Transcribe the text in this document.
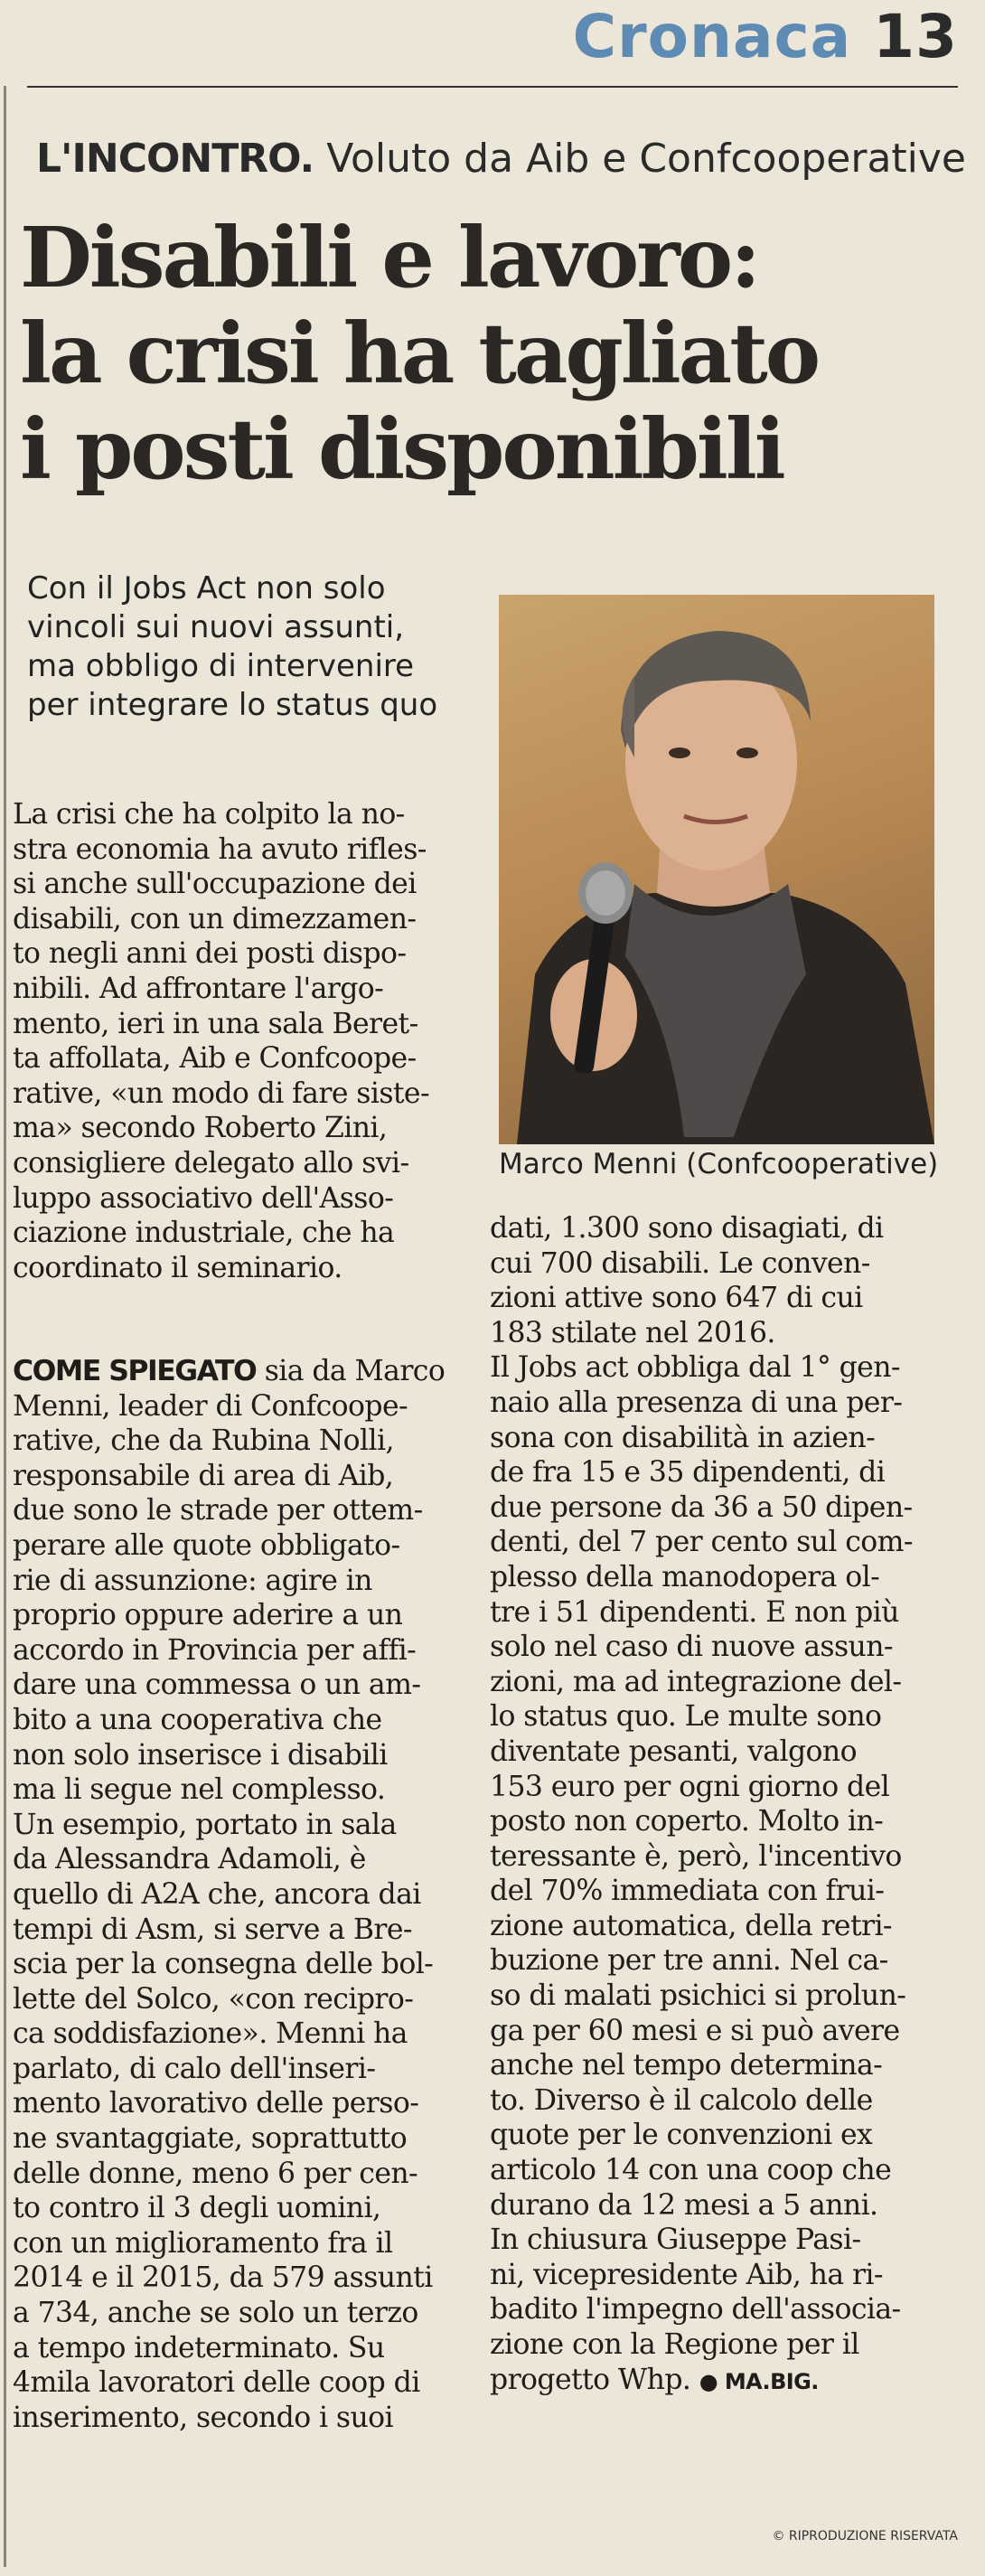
Cronaca 13
L'INCONTRO. Voluto da Aib e Confcooperative
Disabili e lavoro:
la crisi ha tagliato
i posti disponibili
Con il Jobs Act non solo
vincoli sui nuovi assunti,
ma obbligo di intervenire
per integrare lo status quo
Marco Menni (Confcooperative)
La crisi che ha colpito la no-
stra economia ha avuto rifles-
si anche sull'occupazione dei
disabili, con un dimezzamen-
to negli anni dei posti dispo-
nibili. Ad affrontare l'argo-
mento, ieri in una sala Beret-
ta affollata, Aib e Confcoope-
rative, «un modo di fare siste-
ma» secondo Roberto Zini,
consigliere delegato allo svi-
luppo associativo dell'Asso-
ciazione industriale, che ha
coordinato il seminario.
COME SPIEGATO sia da Marco
Menni, leader di Confcoope-
rative, che da Rubina Nolli,
responsabile di area di Aib,
due sono le strade per ottem-
perare alle quote obbligato-
rie di assunzione: agire in
proprio oppure aderire a un
accordo in Provincia per affi-
dare una commessa o un am-
bito a una cooperativa che
non solo inserisce i disabili
ma li segue nel complesso.
Un esempio, portato in sala
da Alessandra Adamoli, è
quello di A2A che, ancora dai
tempi di Asm, si serve a Bre-
scia per la consegna delle bol-
lette del Solco, «con recipro-
ca soddisfazione». Menni ha
parlato, di calo dell'inseri-
mento lavorativo delle perso-
ne svantaggiate, soprattutto
delle donne, meno 6 per cen-
to contro il 3 degli uomini,
con un miglioramento fra il
2014 e il 2015, da 579 assunti
a 734, anche se solo un terzo
a tempo indeterminato. Su
4mila lavoratori delle coop di
inserimento, secondo i suoi
dati, 1.300 sono disagiati, di
cui 700 disabili. Le conven-
zioni attive sono 647 di cui
183 stilate nel 2016.
Il Jobs act obbliga dal 1° gen-
naio alla presenza di una per-
sona con disabilità in azien-
de fra 15 e 35 dipendenti, di
due persone da 36 a 50 dipen-
denti, del 7 per cento sul com-
plesso della manodopera ol-
tre i 51 dipendenti. E non più
solo nel caso di nuove assun-
zioni, ma ad integrazione del-
lo status quo. Le multe sono
diventate pesanti, valgono
153 euro per ogni giorno del
posto non coperto. Molto in-
teressante è, però, l'incentivo
del 70% immediata con frui-
zione automatica, della retri-
buzione per tre anni. Nel ca-
so di malati psichici si prolun-
ga per 60 mesi e si può avere
anche nel tempo determina-
to. Diverso è il calcolo delle
quote per le convenzioni ex
articolo 14 con una coop che
durano da 12 mesi a 5 anni.
In chiusura Giuseppe Pasi-
ni, vicepresidente Aib, ha ri-
badito l'impegno dell'associa-
zione con la Regione per il
progetto Whp. ● MA.BIG.
© RIPRODUZIONE RISERVATA
